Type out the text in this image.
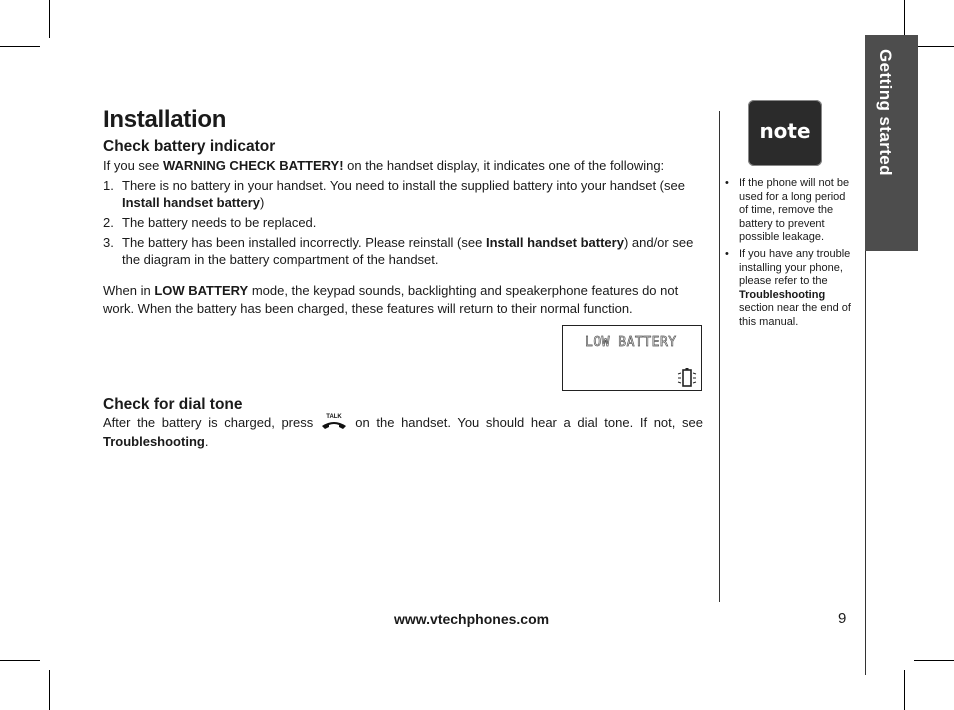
Installation
Check battery indicator

If you see WARNING CHECK BATTERY! on the handset display, it indicates one of the following:

1. There is no battery in your handset. You need to install the supplied battery into your handset (see Install handset battery)
2. The battery needs to be replaced.
3. The battery has been installed incorrectly. Please reinstall (see Install handset battery) and/or see the diagram in the battery compartment of the handset.

When in LOW BATTERY mode, the keypad sounds, backlighting and speakerphone features do not work. When the battery has been charged, these features will return to their normal function.

LOW BATTERY
Check for dial tone

After the battery is charged, press TALK on the handset. You should hear a dial tone. If not, see Troubleshooting.

note
• If the phone will not be used for a long period of time, remove the battery to prevent possible leakage.
• If you have any trouble installing your phone, please refer to the Troubleshooting section near the end of this manual.
Getting started
www.vtechphones.com	9
